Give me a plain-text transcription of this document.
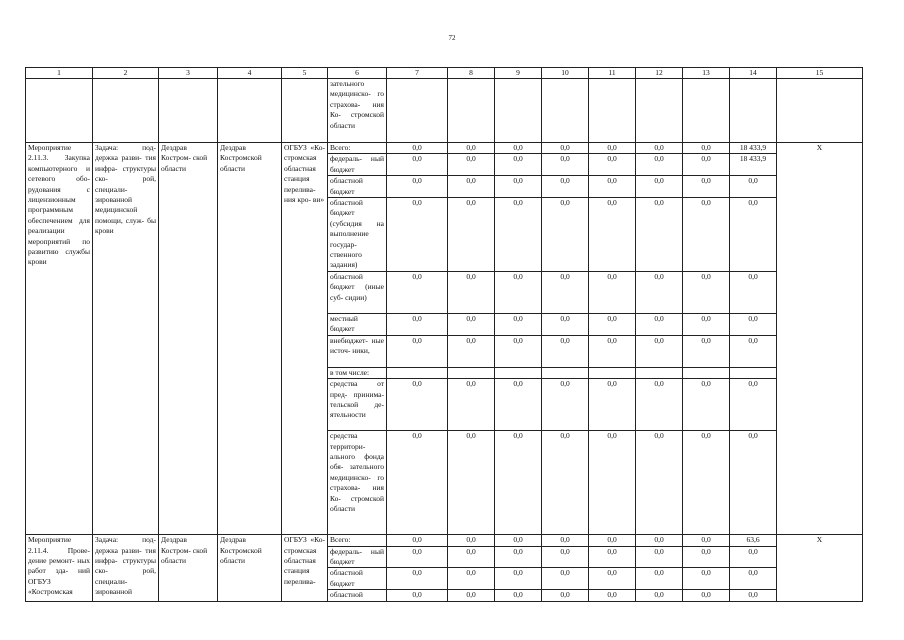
72
1	2	3	4	5	6	7	8	9	10	11	12	13	14	15
					зательного медицинско- го страхова- ния Ко- стромской области									
Мероприятие 2.11.3. Закупка компьютерного и сетевого обо- рудования с лицензионным программным обеспечением для реализации мероприятий по развитию службы крови	Задача: под- держка разви- тия инфра- структуры ско- рой, специали- зированной медицинской помощи, служ- бы крови	Дездрав Костром- ской области	Дездрав Костромской области	ОГБУЗ «Ко- стромская областная станция перелива- ния кро- ви»	Всего:	0,0	0,0	0,0	0,0	0,0	0,0	0,0	18 433,9	X
					федераль- ный бюджет	0,0	0,0	0,0	0,0	0,0	0,0	0,0	18 433,9	
					областной бюджет	0,0	0,0	0,0	0,0	0,0	0,0	0,0	0,0	
					областной бюджет (субсидия на выполнение государ- ственного задания)	0,0	0,0	0,0	0,0	0,0	0,0	0,0	0,0	
					областной бюджет (иные суб- сидии)	0,0	0,0	0,0	0,0	0,0	0,0	0,0	0,0	
					местный бюджет	0,0	0,0	0,0	0,0	0,0	0,0	0,0	0,0	
					внебюджет- ные источ- ники,	0,0	0,0	0,0	0,0	0,0	0,0	0,0	0,0	
					в том числе:									
					средства от пред- принима- тельской де- ятельности	0,0	0,0	0,0	0,0	0,0	0,0	0,0	0,0	
					средства территори- ального фонда обя- зательного медицинско- го страхова- ния Ко- стромской области	0,0	0,0	0,0	0,0	0,0	0,0	0,0	0,0	
Мероприятие 2.11.4. Прове- дение ремонт- ных работ зда- ний ОГБУЗ «Костромская	Задача: под- держка разви- тия инфра- структуры ско- рой, специали- зированной	Дездрав Костром- ской области	Дездрав Костромской области	ОГБУЗ «Ко- стромская областная станция перелива-	Всего:	0,0	0,0	0,0	0,0	0,0	0,0	0,0	63,6	X
					федераль- ный бюджет	0,0	0,0	0,0	0,0	0,0	0,0	0,0	0,0	
					областной бюджет	0,0	0,0	0,0	0,0	0,0	0,0	0,0	0,0	
					областной	0,0	0,0	0,0	0,0	0,0	0,0	0,0	0,0	
